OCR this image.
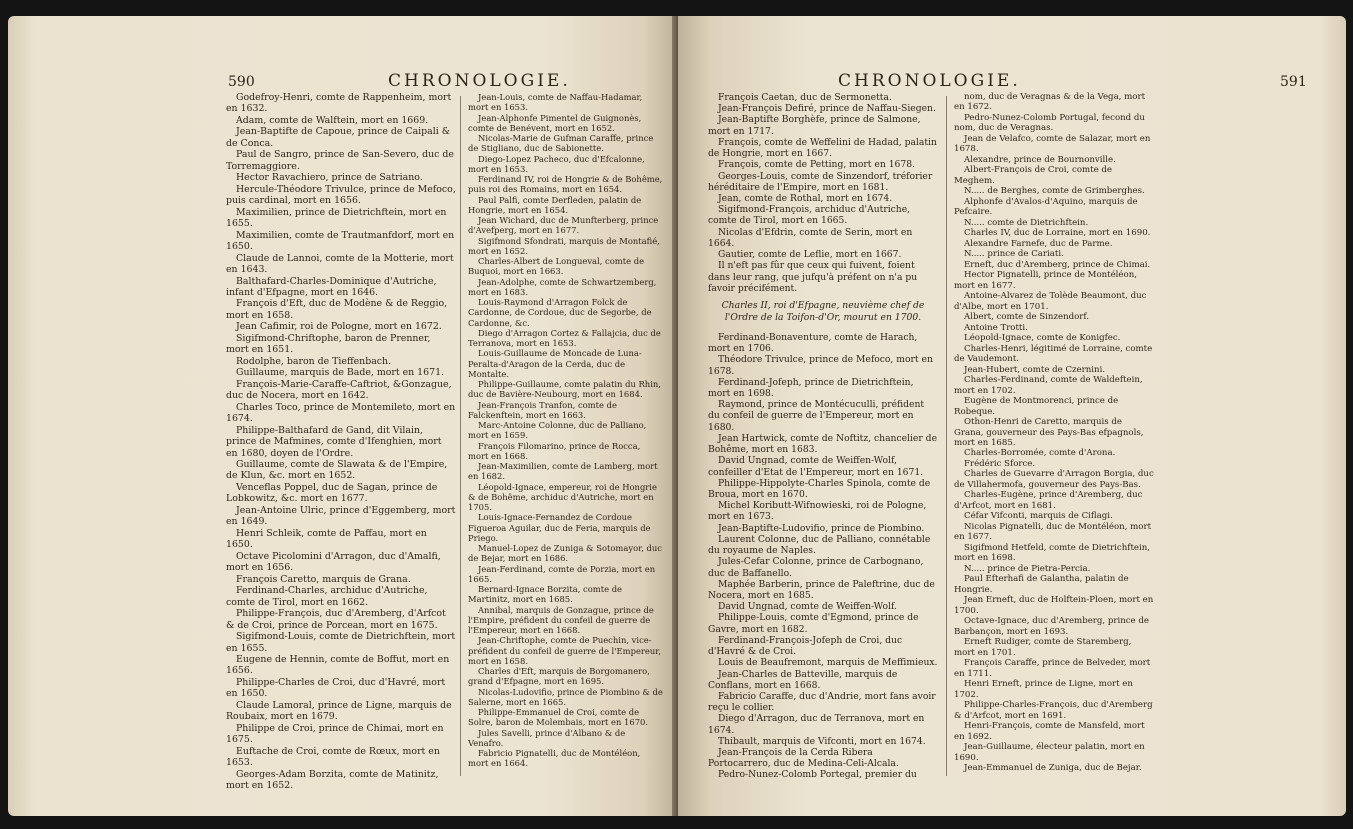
590	CHRONOLOGIE.

Godefroy-Henri, comte de Rappenheim, mort en 1632.

Adam, comte de Walftein, mort en 1669.

Jean-Baptifte de Capoue, prince de Caipali & de Conca.

Paul de Sangro, prince de San-Severo, duc de Torremaggiore.

Hector Ravachiero, prince de Satriano.

Hercule-Théodore Trivulce, prince de Mefoco, puis cardinal, mort en 1656.

Maximilien, prince de Dietrichftein, mort en 1655.

Maximilien, comte de Trautmanfdorf, mort en 1650.

Claude de Lannoi, comte de la Motterie, mort en 1643.

Balthafard-Charles-Dominique d'Autriche, infant d'Efpagne, mort en 1646.

François d'Eft, duc de Modène & de Reggio, mort en 1658.

Jean Cafimir, roi de Pologne, mort en 1672.

Sigifmond-Chriftophe, baron de Prenner, mort en 1651.

Rodolphe, baron de Tieffenbach.

Guillaume, marquis de Bade, mort en 1671.

François-Marie-Caraffe-Caftriot, &Gonzague, duc de Nocera, mort en 1642.

Charles Toco, prince de Montemileto, mort en 1674.

Philippe-Balthafard de Gand, dit Vilain, prince de Mafmines, comte d'Ifenghien, mort en 1680, doyen de l'Ordre.

Guillaume, comte de Slawata & de l'Empire, de Klun, &c. mort en 1652.

Venceflas Poppel, duc de Sagan, prince de Lobkowitz, &c. mort en 1677.

Jean-Antoine Ulric, prince d'Eggemberg, mort en 1649.

Henri Schleik, comte de Paffau, mort en 1650.

Octave Picolomini d'Arragon, duc d'Amalfi, mort en 1656.

François Caretto, marquis de Grana.

Ferdinand-Charles, archiduc d'Autriche, comte de Tirol, mort en 1662.

Philippe-François, duc d'Aremberg, d'Arfcot & de Croi, prince de Porcean, mort en 1675.

Sigifmond-Louis, comte de Dietrichftein, mort en 1655.

Eugene de Hennin, comte de Boffut, mort en 1656.

Philippe-Charles de Croi, duc d'Havré, mort en 1650.

Claude Lamoral, prince de Ligne, marquis de Roubaix, mort en 1679.

Philippe de Croi, prince de Chimai, mort en 1675.

Euftache de Croi, comte de Rœux, mort en 1653.

Georges-Adam Borzita, comte de Matinitz, mort en 1652.

Jean-Louis, comte de Naffau-Hadamar, mort en 1653.

Jean-Alphonfe Pimentel de Guignonès, comte de Benévent, mort en 1652.

Nicolas-Marie de Gufman Caraffe, prince de Stigliano, duc de Sabionette.

Diego-Lopez Pacheco, duc d'Efcalonne, mort en 1653.

Ferdinand IV, roi de Hongrie & de Bohême, puis roi des Romains, mort en 1654.

Paul Palfi, comte Derfleden, palatin de Hongrie, mort en 1654.

Jean Wichard, duc de Munfterberg, prince d'Avefperg, mort en 1677.

Sigifmond Sfondrati, marquis de Montafié, mort en 1652.

Charles-Albert de Longueval, comte de Buquoi, mort en 1663.

Jean-Adolphe, comte de Schwartzemberg, mort en 1683.

Louis-Raymond d'Arragon Folck de Cardonne, de Cordoue, duc de Segorbe, de Cardonne, &c.

Diego d'Arragon Cortez & Fallajcia, duc de Terranova, mort en 1653.

Louis-Guillaume de Moncade de Luna-Peralta-d'Aragon de la Cerda, duc de Montalte.

Philippe-Guillaume, comte palatin du Rhin, duc de Bavière-Neubourg, mort en 1684.

Jean-François Tranfon, comte de Falckenftein, mort en 1663.

Marc-Antoine Colonne, duc de Palliano, mort en 1659.

François Filomarino, prince de Rocca, mort en 1668.

Jean-Maximilien, comte de Lamberg, mort en 1682.

Léopold-Ignace, empereur, roi de Hongrie & de Bohême, archiduc d'Autriche, mort en 1705.

Louis-Ignace-Fernandez de Cordoue Figueroa Aguilar, duc de Feria, marquis de Priego.

Manuel-Lopez de Zuniga & Sotomayor, duc de Bejar, mort en 1686.

Jean-Ferdinand, comte de Porzia, mort en 1665.

Bernard-Ignace Borzita, comte de Martinitz, mort en 1685.

Annibal, marquis de Gonzague, prince de l'Empire, préfident du confeil de guerre de l'Empereur, mort en 1668.

Jean-Chriftophe, comte de Puechin, vice-préfident du confeil de guerre de l'Empereur, mort en 1658.

Charles d'Eft, marquis de Borgomanero, grand d'Efpagne, mort en 1695.

Nicolas-Ludovifio, prince de Piombino & de Salerne, mort en 1665.

Philippe-Emmanuel de Croi, comte de Solre, baron de Molembais, mort en 1670.

Jules Savelli, prince d'Albano & de Venafro.

Fabricio Pignatelli, duc de Montéléon, mort en 1664.

CHRONOLOGIE.	591

François Caetan, duc de Sermonetta.

Jean-François Defiré, prince de Naffau-Siegen.

Jean-Baptifte Borghèfe, prince de Salmone, mort en 1717.

François, comte de Weffelini de Hadad, palatin de Hongrie, mort en 1667.

François, comte de Petting, mort en 1678.

Georges-Louis, comte de Sinzendorf, tréforier héréditaire de l'Empire, mort en 1681.

Jean, comte de Rothal, mort en 1674.

Sigifmond-François, archiduc d'Autriche, comte de Tirol, mort en 1665.

Nicolas d'Efdrin, comte de Serin, mort en 1664.

Gautier, comte de Leflie, mort en 1667.

Il n'eft pas fûr que ceux qui fuivent, foient dans leur rang, que jufqu'à préfent on n'a pu favoir précifément.

Charles II, roi d'Efpagne, neuvième chef de l'Ordre de la Toifon-d'Or, mourut en 1700.

Ferdinand-Bonaventure, comte de Harach, mort en 1706.

Théodore Trivulce, prince de Mefoco, mort en 1678.

Ferdinand-Jofeph, prince de Dietrichftein, mort en 1698.

Raymond, prince de Montécuculli, préfident du confeil de guerre de l'Empereur, mort en 1680.

Jean Hartwick, comte de Noftitz, chancelier de Bohême, mort en 1683.

David Ungnad, comte de Weiffen-Wolf, confeiller d'Etat de l'Empereur, mort en 1671.

Philippe-Hippolyte-Charles Spinola, comte de Broua, mort en 1670.

Michel Koributt-Wifnowieski, roi de Pologne, mort en 1673.

Jean-Baptifte-Ludovifio, prince de Piombino.

Laurent Colonne, duc de Palliano, connétable du royaume de Naples.

Jules-Cefar Colonne, prince de Carbognano, duc de Baffanello.

Maphée Barberin, prince de Paleftrine, duc de Nocera, mort en 1685.

David Ungnad, comte de Weiffen-Wolf.

Philippe-Louis, comte d'Egmond, prince de Gavre, mort en 1682.

Ferdinand-François-Jofeph de Croi, duc d'Havré & de Croi.

Louis de Beaufremont, marquis de Meffimieux.

Jean-Charles de Batteville, marquis de Conflans, mort en 1668.

Fabricio Caraffe, duc d'Andrie, mort fans avoir reçu le collier.

Diego d'Arragon, duc de Terranova, mort en 1674.

Thibault, marquis de Vifconti, mort en 1674.

Jean-François de la Cerda Ribera Portocarrero, duc de Medina-Celi-Alcala.

Pedro-Nunez-Colomb Portegal, premier du

nom, duc de Veragnas & de la Vega, mort en 1672.

Pedro-Nunez-Colomb Portugal, fecond du nom, duc de Veragnas.

Jean de Velafco, comte de Salazar, mort en 1678.

Alexandre, prince de Bournonville.

Albert-François de Croi, comte de Meghem.

N..... de Berghes, comte de Grimberghes.

Alphonfe d'Avalos-d'Aquino, marquis de Pefcaire.

N..... comte de Dietrichftein.

Charles IV, duc de Lorraine, mort en 1690.

Alexandre Farnefe, duc de Parme.

N..... prince de Cariati.

Erneft, duc d'Aremberg, prince de Chimai.

Hector Pignatelli, prince de Montéléon, mort en 1677.

Antoine-Alvarez de Tolède Beaumont, duc d'Albe, mort en 1701.

Albert, comte de Sinzendorf.

Antoine Trotti.

Léopold-Ignace, comte de Konigfec.

Charles-Henri, légitimé de Lorraine, comte de Vaudemont.

Jean-Hubert, comte de Czernini.

Charles-Ferdinand, comte de Waldeftein, mort en 1702.

Eugène de Montmorenci, prince de Robeque.

Othon-Henri de Caretto, marquis de Grana, gouverneur des Pays-Bas efpagnols, mort en 1685.

Charles-Borromée, comte d'Arona.

Frédéric Sforce.

Charles de Guevarre d'Arragon Borgia, duc de Villahermofa, gouverneur des Pays-Bas.

Charles-Eugène, prince d'Aremberg, duc d'Arfcot, mort en 1681.

Céfar Vifconti, marquis de Ciflagi.

Nicolas Pignatelli, duc de Montéléon, mort en 1677.

Sigifmond Hetfeld, comte de Dietrichftein, mort en 1698.

N..... prince de Pietra-Percia.

Paul Efterhafi de Galantha, palatin de Hongrie.

Jean Erneft, duc de Holftein-Ploen, mort en 1700.

Octave-Ignace, duc d'Aremberg, prince de Barbançon, mort en 1693.

Erneft Rudiger, comte de Staremberg, mort en 1701.

François Caraffe, prince de Belveder, mort en 1711.

Henri Erneft, prince de Ligne, mort en 1702.

Philippe-Charles-François, duc d'Aremberg & d'Arfcot, mort en 1691.

Henri-François, comte de Mansfeld, mort en 1692.

Jean-Guillaume, électeur palatin, mort en 1690.

Jean-Emmanuel de Zuniga, duc de Bejar.
